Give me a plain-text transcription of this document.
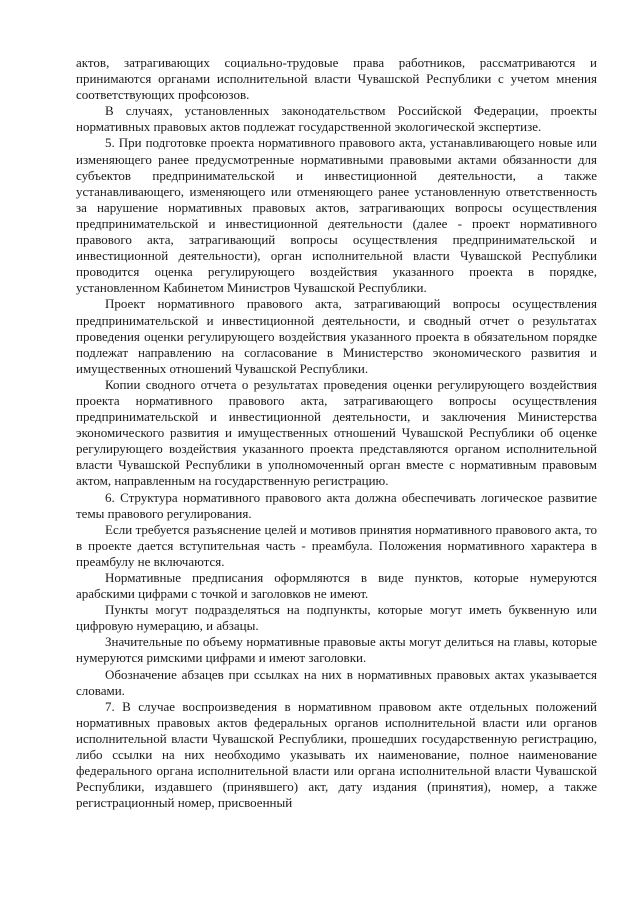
актов, затрагивающих социально-трудовые права работников, рассматриваются и принимаются органами исполнительной власти Чувашской Республики с учетом мнения соответствующих профсоюзов.

В случаях, установленных законодательством Российской Федерации, проекты нормативных правовых актов подлежат государственной экологической экспертизе.

5. При подготовке проекта нормативного правового акта, устанавливающего новые или изменяющего ранее предусмотренные нормативными правовыми актами обязанности для субъектов предпринимательской и инвестиционной деятельности, а также устанавливающего, изменяющего или отменяющего ранее установленную ответственность за нарушение нормативных правовых актов, затрагивающих вопросы осуществления предпринимательской и инвестиционной деятельности (далее - проект нормативного правового акта, затрагивающий вопросы осуществления предпринимательской и инвестиционной деятельности), орган исполнительной власти Чувашской Республики проводится оценка регулирующего воздействия указанного проекта в порядке, установленном Кабинетом Министров Чувашской Республики.

Проект нормативного правового акта, затрагивающий вопросы осуществления предпринимательской и инвестиционной деятельности, и сводный отчет о результатах проведения оценки регулирующего воздействия указанного проекта в обязательном порядке подлежат направлению на согласование в Министерство экономического развития и имущественных отношений Чувашской Республики.

Копии сводного отчета о результатах проведения оценки регулирующего воздействия проекта нормативного правового акта, затрагивающего вопросы осуществления предпринимательской и инвестиционной деятельности, и заключения Министерства экономического развития и имущественных отношений Чувашской Республики об оценке регулирующего воздействия указанного проекта представляются органом исполнительной власти Чувашской Республики в уполномоченный орган вместе с нормативным правовым актом, направленным на государственную регистрацию.

6. Структура нормативного правового акта должна обеспечивать логическое развитие темы правового регулирования.

Если требуется разъяснение целей и мотивов принятия нормативного правового акта, то в проекте дается вступительная часть - преамбула. Положения нормативного характера в преамбулу не включаются.

Нормативные предписания оформляются в виде пунктов, которые нумеруются арабскими цифрами с точкой и заголовков не имеют.

Пункты могут подразделяться на подпункты, которые могут иметь буквенную или цифровую нумерацию, и абзацы.

Значительные по объему нормативные правовые акты могут делиться на главы, которые нумеруются римскими цифрами и имеют заголовки.

Обозначение абзацев при ссылках на них в нормативных правовых актах указывается словами.

7. В случае воспроизведения в нормативном правовом акте отдельных положений нормативных правовых актов федеральных органов исполнительной власти или органов исполнительной власти Чувашской Республики, прошедших государственную регистрацию, либо ссылки на них необходимо указывать их наименование, полное наименование федерального органа исполнительной власти или органа исполнительной власти Чувашской Республики, издавшего (принявшего) акт, дату издания (принятия), номер, а также регистрационный номер, присвоенный
